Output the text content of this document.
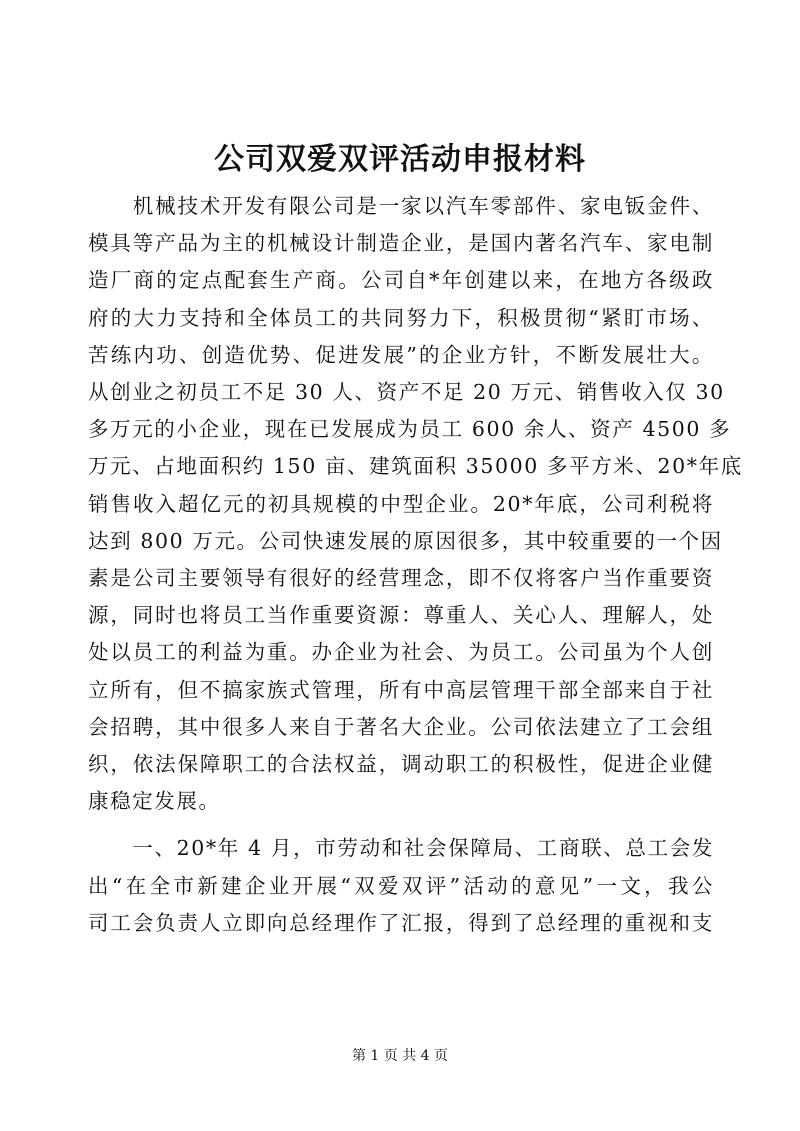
公司双爱双评活动申报材料
　　机械技术开发有限公司是一家以汽车零部件、家电钣金件、
模具等产品为主的机械设计制造企业，是国内著名汽车、家电制
造厂商的定点配套生产商。公司自*年创建以来，在地方各级政
府的大力支持和全体员工的共同努力下，积极贯彻“紧盯市场、
苦练内功、创造优势、促进发展”的企业方针，不断发展壮大。
从创业之初员工不足 30 人、资产不足 20 万元、销售收入仅 30
多万元的小企业，现在已发展成为员工 600 余人、资产 4500 多
万元、占地面积约 150 亩、建筑面积 35000 多平方米、20*年底
销售收入超亿元的初具规模的中型企业。20*年底，公司利税将
达到 800 万元。公司快速发展的原因很多，其中较重要的一个因
素是公司主要领导有很好的经营理念，即不仅将客户当作重要资
源，同时也将员工当作重要资源：尊重人、关心人、理解人，处
处以员工的利益为重。办企业为社会、为员工。公司虽为个人创
立所有，但不搞家族式管理，所有中高层管理干部全部来自于社
会招聘，其中很多人来自于著名大企业。公司依法建立了工会组
织，依法保障职工的合法权益，调动职工的积极性，促进企业健
康稳定发展。
　　一、20*年 4 月，市劳动和社会保障局、工商联、总工会发
出“在全市新建企业开展“双爱双评”活动的意见”一文，我公
司工会负责人立即向总经理作了汇报，得到了总经理的重视和支
第 1 页 共 4 页
